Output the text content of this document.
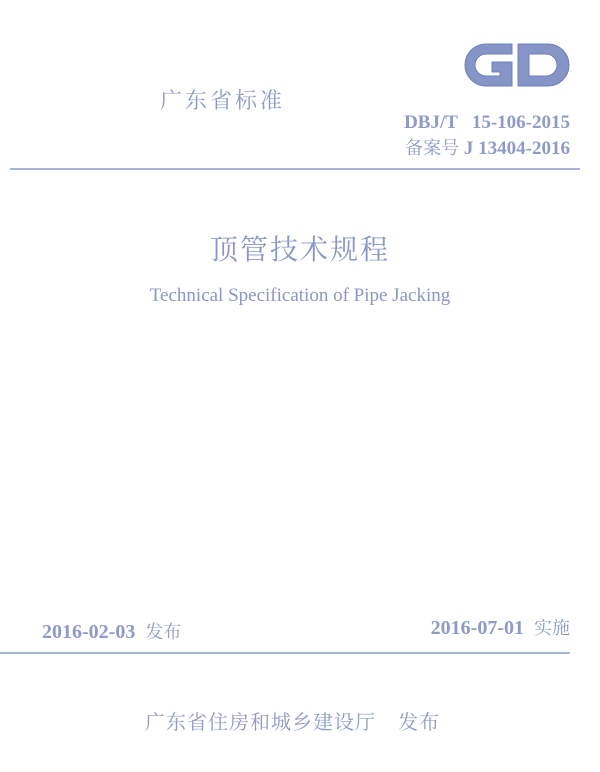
广东省标准
DBJ/T   15-106-2015
备案号 J 13404-2016
顶管技术规程
Technical Specification of Pipe Jacking
2016-02-03 发布	2016-07-01 实施
广东省住房和城乡建设厅 发布
